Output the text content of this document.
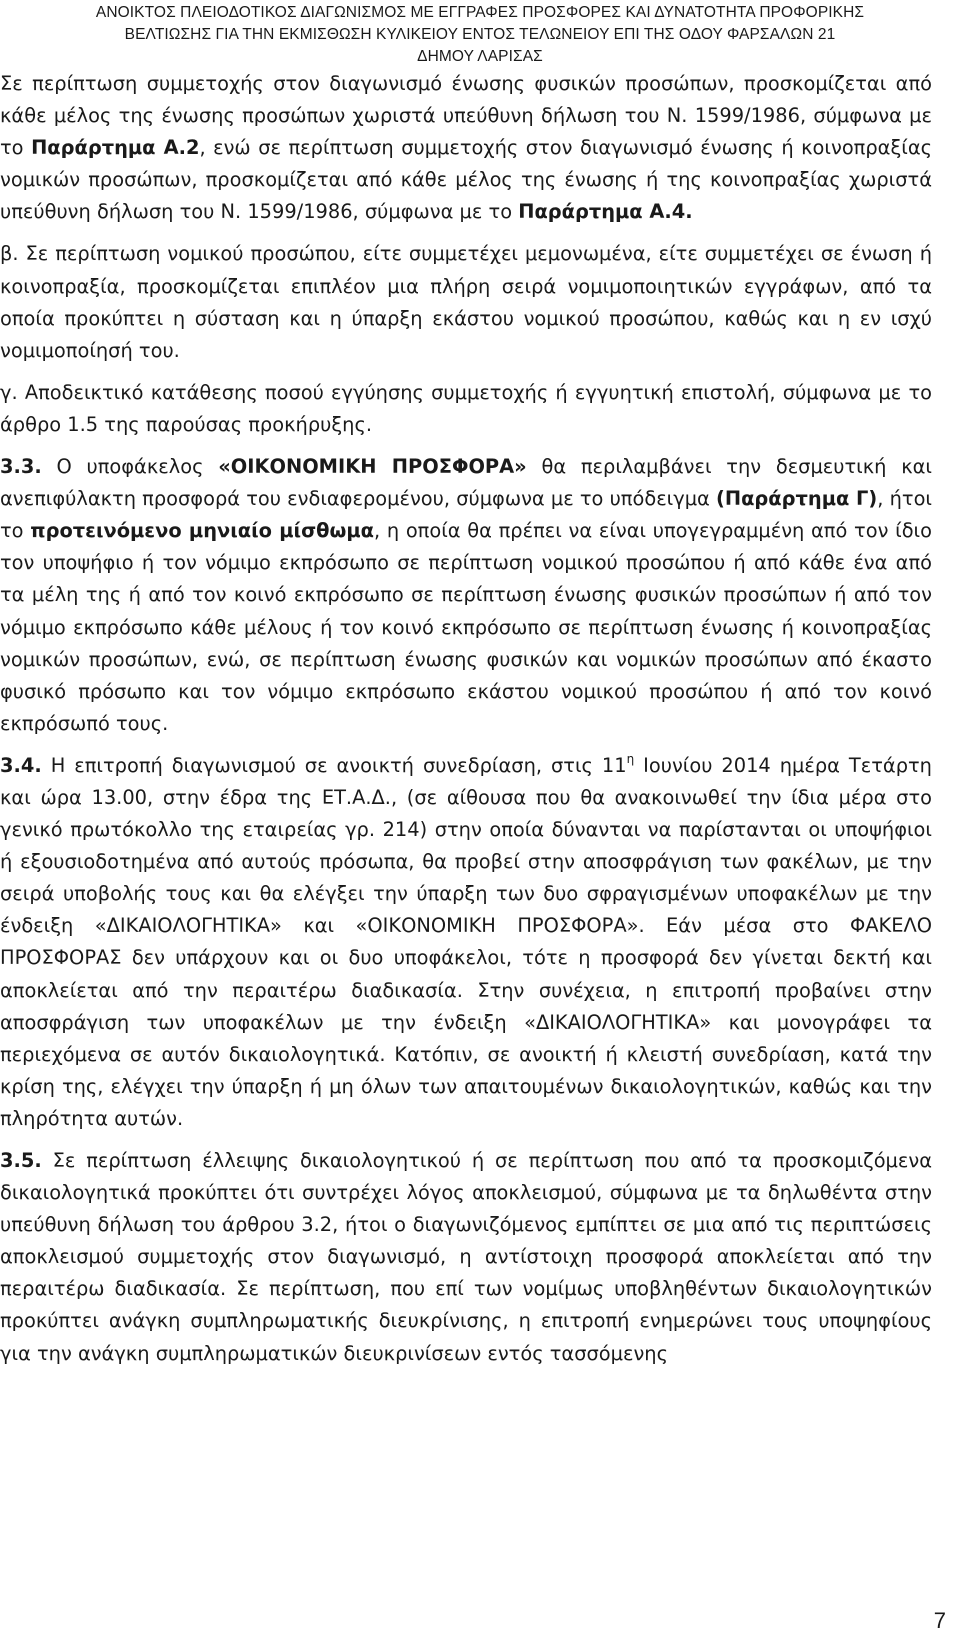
ΑΝΟΙΚΤΟΣ ΠΛΕΙΟΔΟΤΙΚΟΣ ΔΙΑΓΩΝΙΣΜΟΣ ΜΕ ΕΓΓΡΑΦΕΣ ΠΡΟΣΦΟΡΕΣ ΚΑΙ ΔΥΝΑΤΟΤΗΤΑ ΠΡΟΦΟΡΙΚΗΣ
ΒΕΛΤΙΩΣΗΣ ΓΙΑ ΤΗΝ ΕΚΜΙΣΘΩΣΗ ΚΥΛΙΚΕΙΟΥ ΕΝΤΟΣ ΤΕΛΩΝΕΙΟΥ ΕΠΙ ΤΗΣ ΟΔΟΥ ΦΑΡΣΑΛΩΝ 21
ΔΗΜΟΥ ΛΑΡΙΣΑΣ

Σε περίπτωση συμμετοχής στον διαγωνισμό ένωσης φυσικών προσώπων, προσκομίζεται από κάθε μέλος της ένωσης προσώπων χωριστά υπεύθυνη δήλωση του Ν. 1599/1986, σύμφωνα με το Παράρτημα Α.2, ενώ σε περίπτωση συμμετοχής στον διαγωνισμό ένωσης ή κοινοπραξίας νομικών προσώπων, προσκομίζεται από κάθε μέλος της ένωσης ή της κοινοπραξίας χωριστά υπεύθυνη δήλωση του Ν. 1599/1986, σύμφωνα με το Παράρτημα Α.4.

β. Σε περίπτωση νομικού προσώπου, είτε συμμετέχει μεμονωμένα, είτε συμμετέχει σε ένωση ή κοινοπραξία, προσκομίζεται επιπλέον μια πλήρη σειρά νομιμοποιητικών εγγράφων, από τα οποία προκύπτει η σύσταση και η ύπαρξη εκάστου νομικού προσώπου, καθώς και η εν ισχύ νομιμοποίησή του.

γ. Αποδεικτικό κατάθεσης ποσού εγγύησης συμμετοχής ή εγγυητική επιστολή, σύμφωνα με το άρθρο 1.5 της παρούσας προκήρυξης.

3.3. Ο υποφάκελος «ΟΙΚΟΝΟΜΙΚΗ ΠΡΟΣΦΟΡΑ» θα περιλαμβάνει την δεσμευτική και ανεπιφύλακτη προσφορά του ενδιαφερομένου, σύμφωνα με το υπόδειγμα (Παράρτημα Γ), ήτοι το προτεινόμενο μηνιαίο μίσθωμα, η οποία θα πρέπει να είναι υπογεγραμμένη από τον ίδιο τον υποψήφιο ή τον νόμιμο εκπρόσωπο σε περίπτωση νομικού προσώπου ή από κάθε ένα από τα μέλη της ή από τον κοινό εκπρόσωπο σε περίπτωση ένωσης φυσικών προσώπων ή από τον νόμιμο εκπρόσωπο κάθε μέλους ή τον κοινό εκπρόσωπο σε περίπτωση ένωσης ή κοινοπραξίας νομικών προσώπων, ενώ, σε περίπτωση ένωσης φυσικών και νομικών προσώπων από έκαστο φυσικό πρόσωπο και τον νόμιμο εκπρόσωπο εκάστου νομικού προσώπου ή από τον κοινό εκπρόσωπό τους.

3.4. Η επιτροπή διαγωνισμού σε ανοικτή συνεδρίαση, στις $11^\eta$ Ιουνίου 2014 ημέρα Τετάρτη και ώρα 13.00, στην έδρα της ΕΤ.Α.Δ., (σε αίθουσα που θα ανακοινωθεί την ίδια μέρα στο γενικό πρωτόκολλο της εταιρείας γρ. 214) στην οποία δύνανται να παρίστανται οι υποψήφιοι ή εξουσιοδοτημένα από αυτούς πρόσωπα, θα προβεί στην αποσφράγιση των φακέλων, με την σειρά υποβολής τους και θα ελέγξει την ύπαρξη των δυο σφραγισμένων υποφακέλων με την ένδειξη «ΔΙΚΑΙΟΛΟΓΗΤΙΚΑ» και «ΟΙΚΟΝΟΜΙΚΗ ΠΡΟΣΦΟΡΑ». Εάν μέσα στο ΦΑΚΕΛΟ ΠΡΟΣΦΟΡΑΣ δεν υπάρχουν και οι δυο υποφάκελοι, τότε η προσφορά δεν γίνεται δεκτή και αποκλείεται από την περαιτέρω διαδικασία. Στην συνέχεια, η επιτροπή προβαίνει στην αποσφράγιση των υποφακέλων με την ένδειξη «ΔΙΚΑΙΟΛΟΓΗΤΙΚΑ» και μονογράφει τα περιεχόμενα σε αυτόν δικαιολογητικά. Κατόπιν, σε ανοικτή ή κλειστή συνεδρίαση, κατά την κρίση της, ελέγχει την ύπαρξη ή μη όλων των απαιτουμένων δικαιολογητικών, καθώς και την πληρότητα αυτών.

3.5. Σε περίπτωση έλλειψης δικαιολογητικού ή σε περίπτωση που από τα προσκομιζόμενα δικαιολογητικά προκύπτει ότι συντρέχει λόγος αποκλεισμού, σύμφωνα με τα δηλωθέντα στην υπεύθυνη δήλωση του άρθρου 3.2, ήτοι ο διαγωνιζόμενος εμπίπτει σε μια από τις περιπτώσεις αποκλεισμού συμμετοχής στον διαγωνισμό, η αντίστοιχη προσφορά αποκλείεται από την περαιτέρω διαδικασία. Σε περίπτωση, που επί των νομίμως υποβληθέντων δικαιολογητικών προκύπτει ανάγκη συμπληρωματικής διευκρίνισης, η επιτροπή ενημερώνει τους υποψηφίους για την ανάγκη συμπληρωματικών διευκρινίσεων εντός τασσόμενης

7
